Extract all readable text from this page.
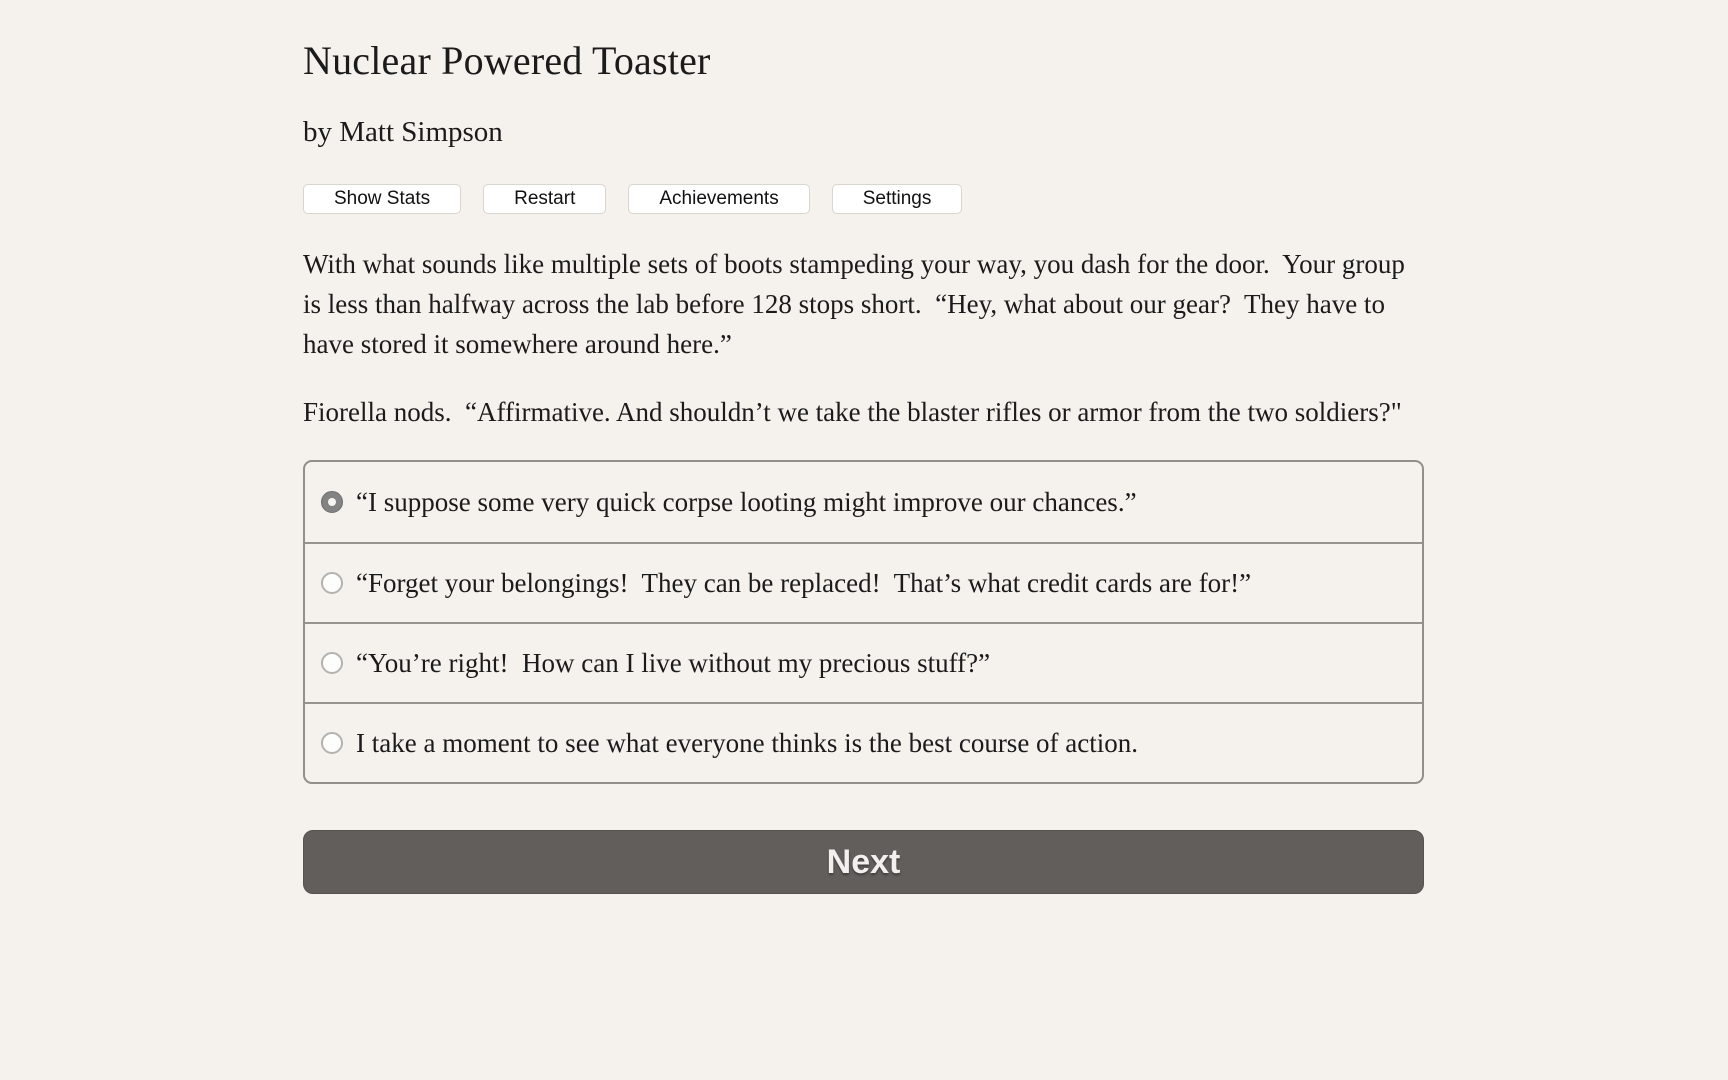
Nuclear Powered Toaster
by Matt Simpson
Show Stats	Restart	Achievements	Settings

With what sounds like multiple sets of boots stampeding your way, you dash for the door.  Your group is less than halfway across the lab before 128 stops short.  “Hey, what about our gear?  They have to have stored it somewhere around here.”

Fiorella nods.  “Affirmative. And shouldn’t we take the blaster rifles or armor from the two soldiers?"

“I suppose some very quick corpse looting might improve our chances.”
“Forget your belongings!  They can be replaced!  That’s what credit cards are for!”
“You’re right!  How can I live without my precious stuff?”
I take a moment to see what everyone thinks is the best course of action.
Next
